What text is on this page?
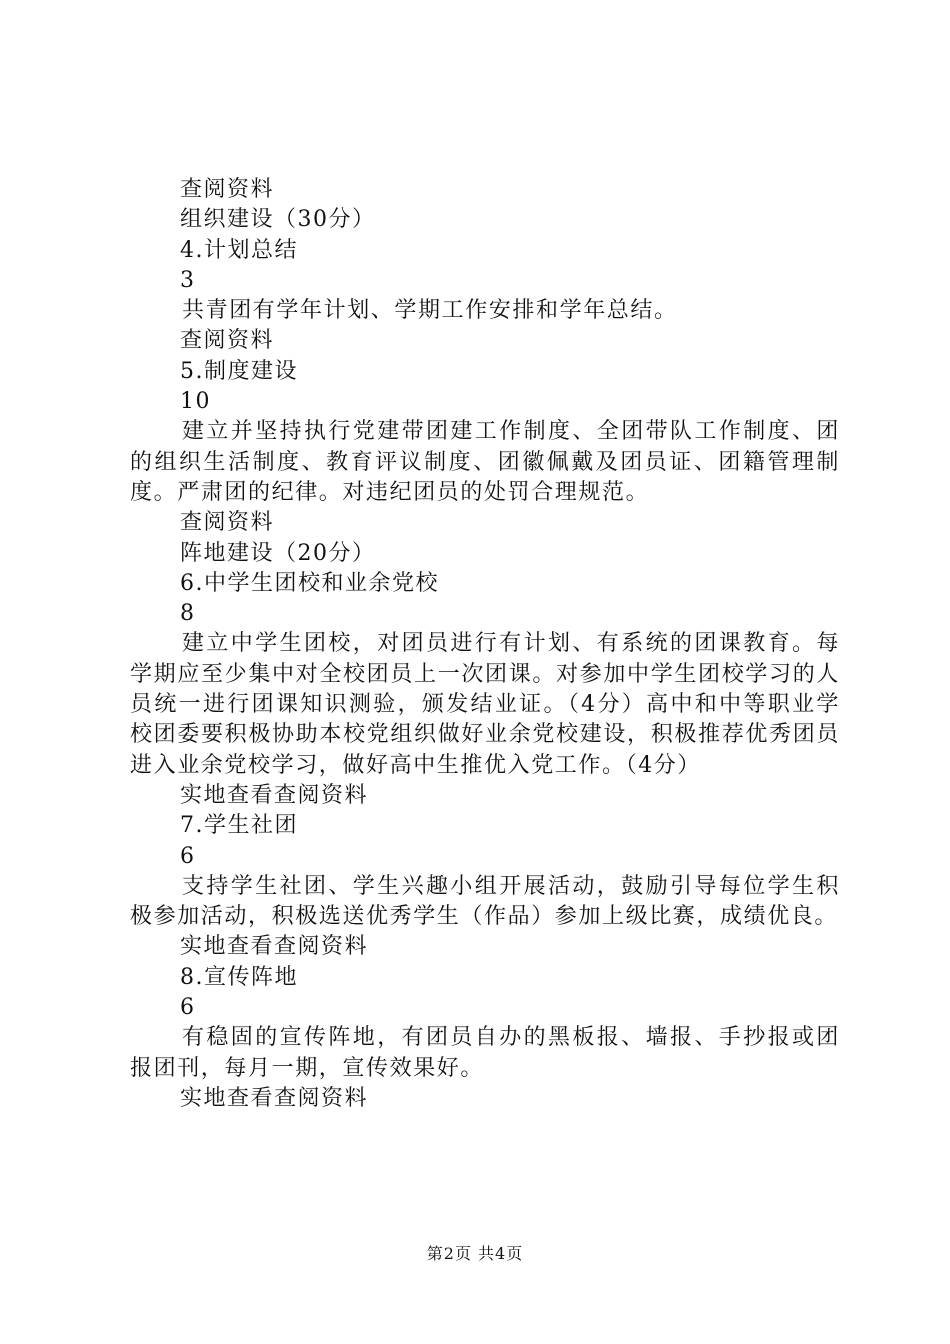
查阅资料
组织建设（30分）
4.计划总结
3

共青团有学年计划、学期工作安排和学年总结。

查阅资料
5.制度建设
10

建立并坚持执行党建带团建工作制度、全团带队工作制度、团的组织生活制度、教育评议制度、团徽佩戴及团员证、团籍管理制度。严肃团的纪律。对违纪团员的处罚合理规范。

查阅资料
阵地建设（20分）
6.中学生团校和业余党校
8

建立中学生团校，对团员进行有计划、有系统的团课教育。每学期应至少集中对全校团员上一次团课。对参加中学生团校学习的人员统一进行团课知识测验，颁发结业证。（4分）高中和中等职业学校团委要积极协助本校党组织做好业余党校建设，积极推荐优秀团员进入业余党校学习，做好高中生推优入党工作。（4分）

实地查看查阅资料
7.学生社团
6

支持学生社团、学生兴趣小组开展活动，鼓励引导每位学生积极参加活动，积极选送优秀学生（作品）参加上级比赛，成绩优良。

实地查看查阅资料
8.宣传阵地
6

有稳固的宣传阵地，有团员自办的黑板报、墙报、手抄报或团报团刊，每月一期，宣传效果好。

实地查看查阅资料
第2页 共4页
